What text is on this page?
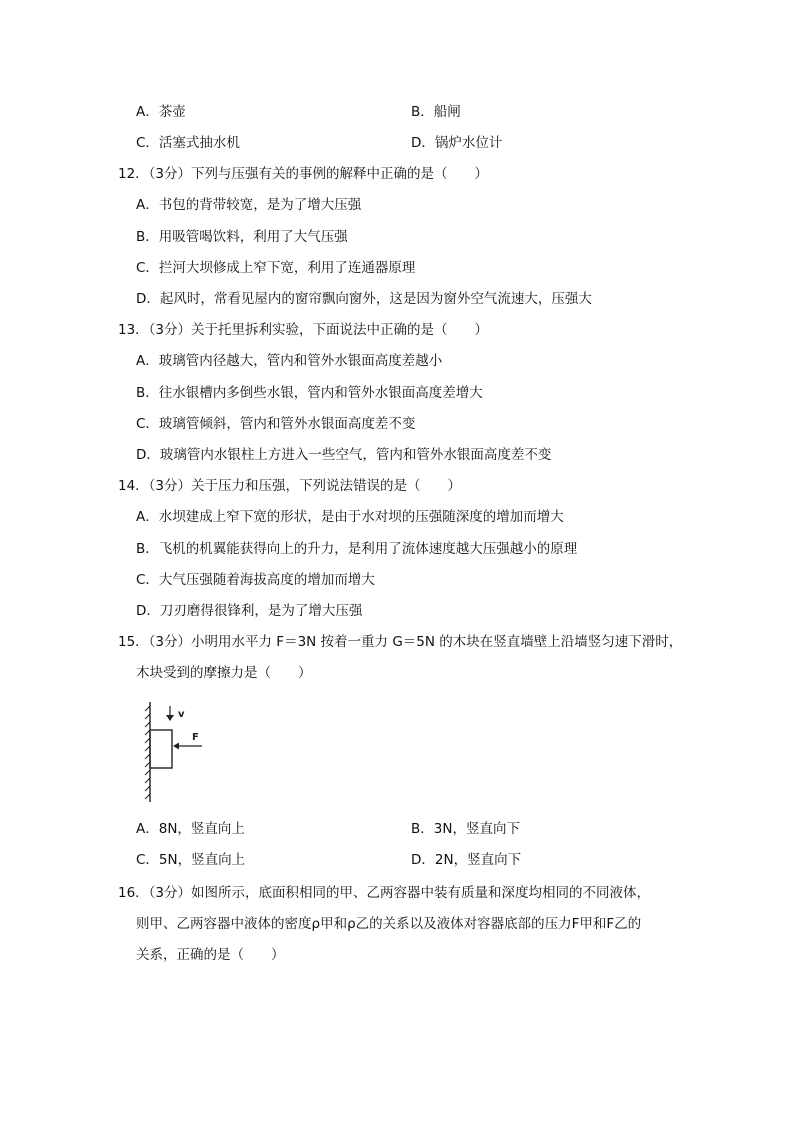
A．茶壶	B．船闸
C．活塞式抽水机	D．锅炉水位计
12．（3分）下列与压强有关的事例的解释中正确的是（　　）
A．书包的背带较宽，是为了增大压强
B．用吸管喝饮料，利用了大气压强
C．拦河大坝修成上窄下宽，利用了连通器原理
D．起风时，常看见屋内的窗帘飘向窗外，这是因为窗外空气流速大，压强大
13．（3分）关于托里拆利实验，下面说法中正确的是（　　）
A．玻璃管内径越大，管内和管外水银面高度差越小
B．往水银槽内多倒些水银，管内和管外水银面高度差增大
C．玻璃管倾斜，管内和管外水银面高度差不变
D．玻璃管内水银柱上方进入一些空气，管内和管外水银面高度差不变
14．（3分）关于压力和压强，下列说法错误的是（　　）
A．水坝建成上窄下宽的形状，是由于水对坝的压强随深度的增加而增大
B．飞机的机翼能获得向上的升力，是利用了流体速度越大压强越小的原理
C．大气压强随着海拔高度的增加而增大
D．刀刃磨得很锋利，是为了增大压强
15．（3分）小明用水平力 F＝3N 按着一重力 G＝5N 的木块在竖直墙壁上沿墙竖匀速下滑时，
木块受到的摩擦力是（　　）
v
F
A．8N，竖直向上	B．3N，竖直向下
C．5N，竖直向上	D．2N，竖直向下
16．（3分）如图所示，底面积相同的甲、乙两容器中装有质量和深度均相同的不同液体，
则甲、乙两容器中液体的密度ρ甲和ρ乙的关系以及液体对容器底部的压力F甲和F乙的
关系，正确的是（　　）
